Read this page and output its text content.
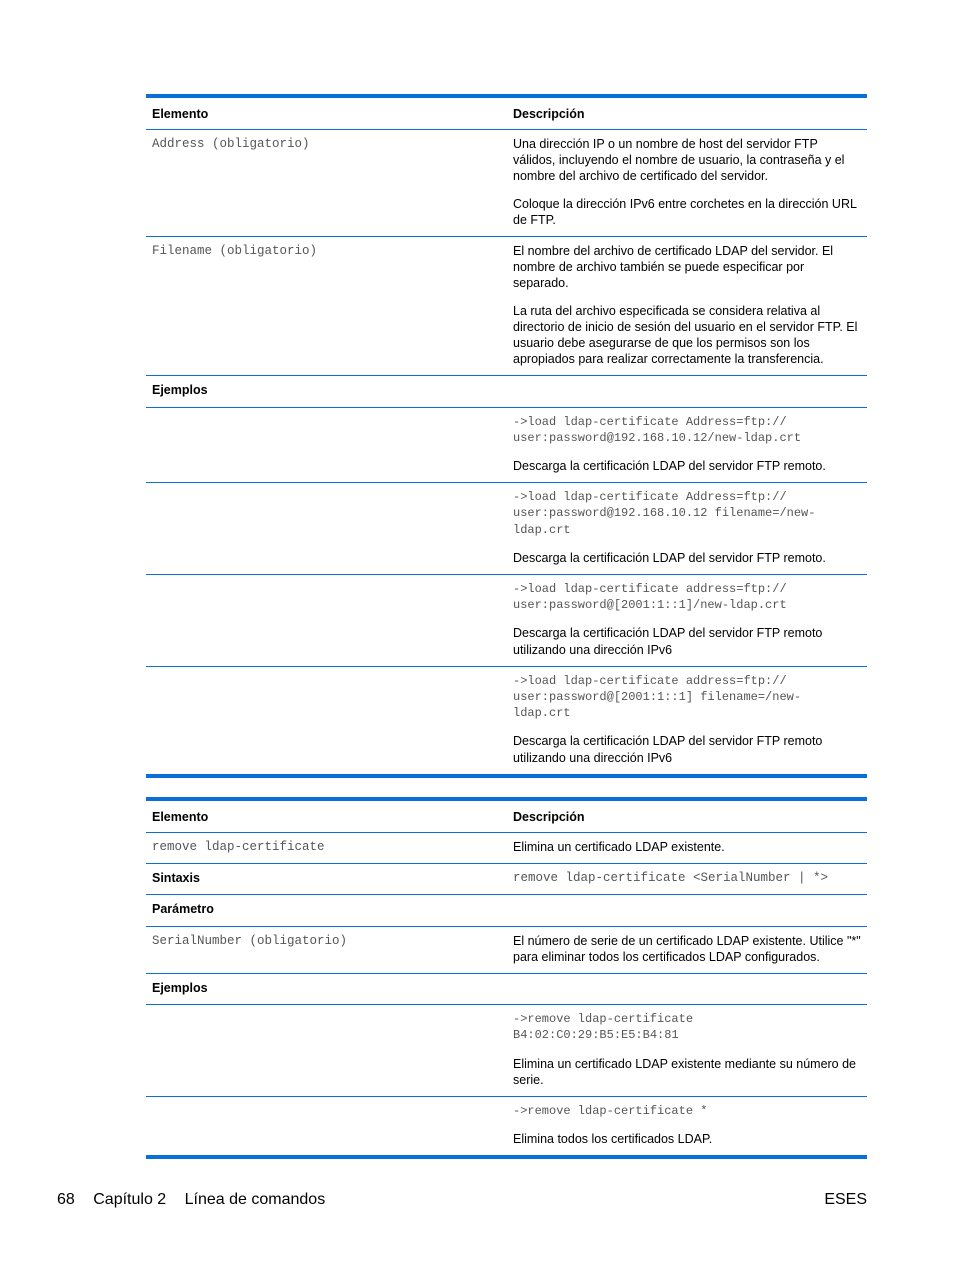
Elemento	Descripción
Address (obligatorio)	Una dirección IP o un nombre de host del servidor FTP válidos, incluyendo el nombre de usuario, la contraseña y el nombre del archivo de certificado del servidor.

Coloque la dirección IPv6 entre corchetes en la dirección URL de FTP.

Filename (obligatorio)	El nombre del archivo de certificado LDAP del servidor. El nombre de archivo también se puede especificar por separado.

La ruta del archivo especificada se considera relativa al directorio de inicio de sesión del usuario en el servidor FTP. El usuario debe asegurarse de que los permisos son los apropiados para realizar correctamente la transferencia.

Ejemplos	

	->load ldap-certificate Address=ftp://
user:password@192.168.10.12/new-ldap.crt

Descarga la certificación LDAP del servidor FTP remoto.

	->load ldap-certificate Address=ftp://
user:password@192.168.10.12 filename=/new-
ldap.crt

Descarga la certificación LDAP del servidor FTP remoto.

	->load ldap-certificate address=ftp://
user:password@[2001:1::1]/new-ldap.crt

Descarga la certificación LDAP del servidor FTP remoto utilizando una dirección IPv6

	->load ldap-certificate address=ftp://
user:password@[2001:1::1] filename=/new-
ldap.crt

Descarga la certificación LDAP del servidor FTP remoto utilizando una dirección IPv6

Elemento	Descripción
remove ldap-certificate	Elimina un certificado LDAP existente.
Sintaxis	remove ldap-certificate <SerialNumber | *>
Parámetro	
SerialNumber (obligatorio)	El número de serie de un certificado LDAP existente. Utilice "*" para eliminar todos los certificados LDAP configurados.
Ejemplos	

	->remove ldap-certificate
B4:02:C0:29:B5:E5:B4:81

Elimina un certificado LDAP existente mediante su número de serie.

	->remove ldap-certificate *

Elimina todos los certificados LDAP.

68 Capítulo 2 Línea de comandos	ESES
